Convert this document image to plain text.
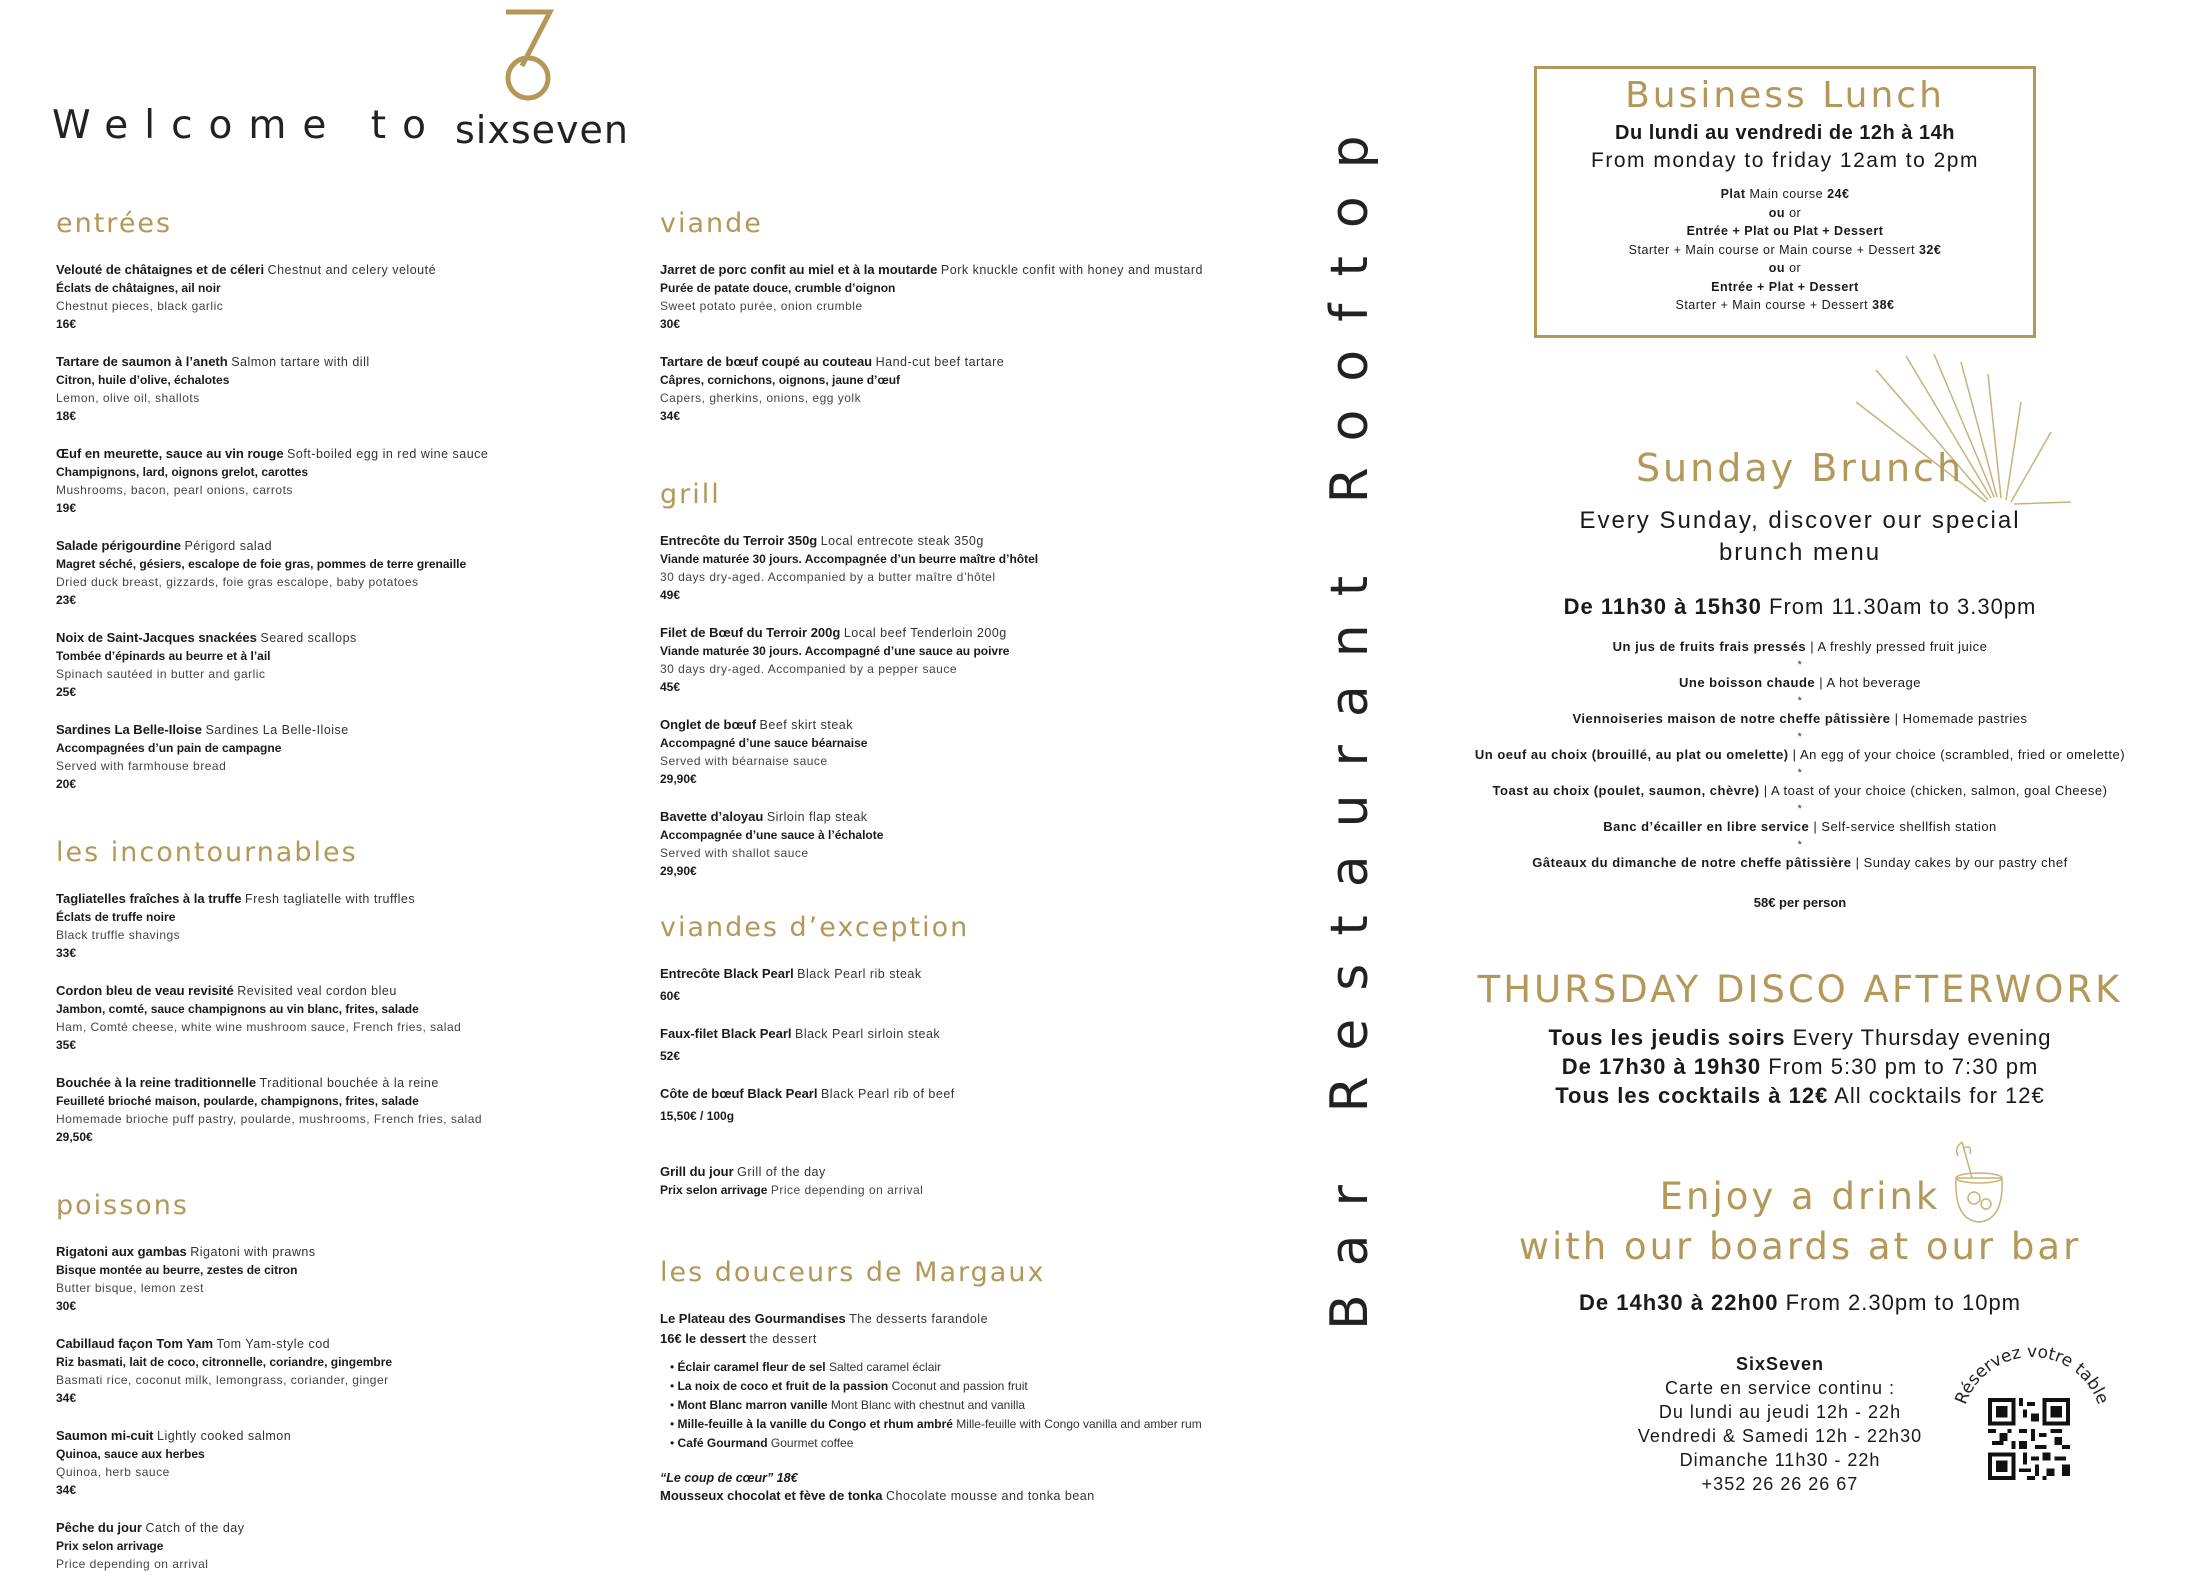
Welcome to sixseven
entrées
Velouté de châtaignes et de céleri Chestnut and celery velouté
Éclats de châtaignes, ail noir
Chestnut pieces, black garlic
16€
Tartare de saumon à l’aneth Salmon tartare with dill
Citron, huile d’olive, échalotes
Lemon, olive oil, shallots
18€
Œuf en meurette, sauce au vin rouge Soft-boiled egg in red wine sauce
Champignons, lard, oignons grelot, carottes
Mushrooms, bacon, pearl onions, carrots
19€
Salade périgourdine Périgord salad
Magret séché, gésiers, escalope de foie gras, pommes de terre grenaille
Dried duck breast, gizzards, foie gras escalope, baby potatoes
23€
Noix de Saint-Jacques snackées Seared scallops
Tombée d’épinards au beurre et à l’ail
Spinach sautéed in butter and garlic
25€
Sardines La Belle-Iloise Sardines La Belle-Iloise
Accompagnées d’un pain de campagne
Served with farmhouse bread
20€
les incontournables
Tagliatelles fraîches à la truffe Fresh tagliatelle with truffles
Éclats de truffe noire
Black truffle shavings
33€
Cordon bleu de veau revisité Revisited veal cordon bleu
Jambon, comté, sauce champignons au vin blanc, frites, salade
Ham, Comté cheese, white wine mushroom sauce, French fries, salad
35€
Bouchée à la reine traditionnelle Traditional bouchée à la reine
Feuilleté brioché maison, poularde, champignons, frites, salade
Homemade brioche puff pastry, poularde, mushrooms, French fries, salad
29,50€
poissons
Rigatoni aux gambas Rigatoni with prawns
Bisque montée au beurre, zestes de citron
Butter bisque, lemon zest
30€
Cabillaud façon Tom Yam Tom Yam-style cod
Riz basmati, lait de coco, citronnelle, coriandre, gingembre
Basmati rice, coconut milk, lemongrass, coriander, ginger
34€
Saumon mi-cuit Lightly cooked salmon
Quinoa, sauce aux herbes
Quinoa, herb sauce
34€
Pêche du jour Catch of the day
Prix selon arrivage
Price depending on arrival
viande
Jarret de porc confit au miel et à la moutarde Pork knuckle confit with honey and mustard
Purée de patate douce, crumble d’oignon
Sweet potato purée, onion crumble
30€
Tartare de bœuf coupé au couteau Hand-cut beef tartare
Câpres, cornichons, oignons, jaune d’œuf
Capers, gherkins, onions, egg yolk
34€
grill
Entrecôte du Terroir 350g Local entrecote steak 350g
Viande maturée 30 jours. Accompagnée d’un beurre maître d’hôtel
30 days dry-aged. Accompanied by a butter maître d’hôtel
49€
Filet de Bœuf du Terroir 200g Local beef Tenderloin 200g
Viande maturée 30 jours. Accompagné d’une sauce au poivre
30 days dry-aged. Accompanied by a pepper sauce
45€
Onglet de bœuf Beef skirt steak
Accompagné d’une sauce béarnaise
Served with béarnaise sauce
29,90€
Bavette d’aloyau Sirloin flap steak
Accompagnée d’une sauce à l’échalote
Served with shallot sauce
29,90€
viandes d’exception
Entrecôte Black Pearl Black Pearl rib steak
60€
Faux-filet Black Pearl Black Pearl sirloin steak
52€
Côte de bœuf Black Pearl Black Pearl rib of beef
15,50€ / 100g
Grill du jour Grill of the day
Prix selon arrivage Price depending on arrival
les douceurs de Margaux
Le Plateau des Gourmandises The desserts farandole
16€ le dessert the dessert
• Éclair caramel fleur de sel Salted caramel éclair
• La noix de coco et fruit de la passion Coconut and passion fruit
• Mont Blanc marron vanille Mont Blanc with chestnut and vanilla
• Mille-feuille à la vanille du Congo et rhum ambré Mille-feuille with Congo vanilla and amber rum
• Café Gourmand Gourmet coffee
“Le coup de cœur” 18€
Mousseux chocolat et fève de tonka Chocolate mousse and tonka bean
Bar Restaurant Rooftop
Business Lunch
Du lundi au vendredi de 12h à 14h
From monday to friday 12am to 2pm
Plat Main course 24€
ou or
Entrée + Plat ou Plat + Dessert
Starter + Main course or Main course + Dessert 32€
ou or
Entrée + Plat + Dessert
Starter + Main course + Dessert 38€
Sunday Brunch
Every Sunday, discover our special
brunch menu
De 11h30 à 15h30 From 11.30am to 3.30pm
Un jus de fruits frais pressés | A freshly pressed fruit juice
*
Une boisson chaude | A hot beverage
*
Viennoiseries maison de notre cheffe pâtissière | Homemade pastries
*
Un oeuf au choix (brouillé, au plat ou omelette) | An egg of your choice (scrambled, fried or omelette)
*
Toast au choix (poulet, saumon, chèvre) | A toast of your choice (chicken, salmon, goal Cheese)
*
Banc d’écailler en libre service | Self-service shellfish station
*
Gâteaux du dimanche de notre cheffe pâtissière | Sunday cakes by our pastry chef
58€ per person
THURSDAY DISCO AFTERWORK
Tous les jeudis soirs Every Thursday evening
De 17h30 à 19h30 From 5:30 pm to 7:30 pm
Tous les cocktails à 12€ All cocktails for 12€
Enjoy a drink
with our boards at our bar
De 14h30 à 22h00 From 2.30pm to 10pm
SixSeven
Carte en service continu :
Du lundi au jeudi 12h - 22h
Vendredi & Samedi 12h - 22h30
Dimanche 11h30 - 22h
+352 26 26 26 67
Réservez votre table
